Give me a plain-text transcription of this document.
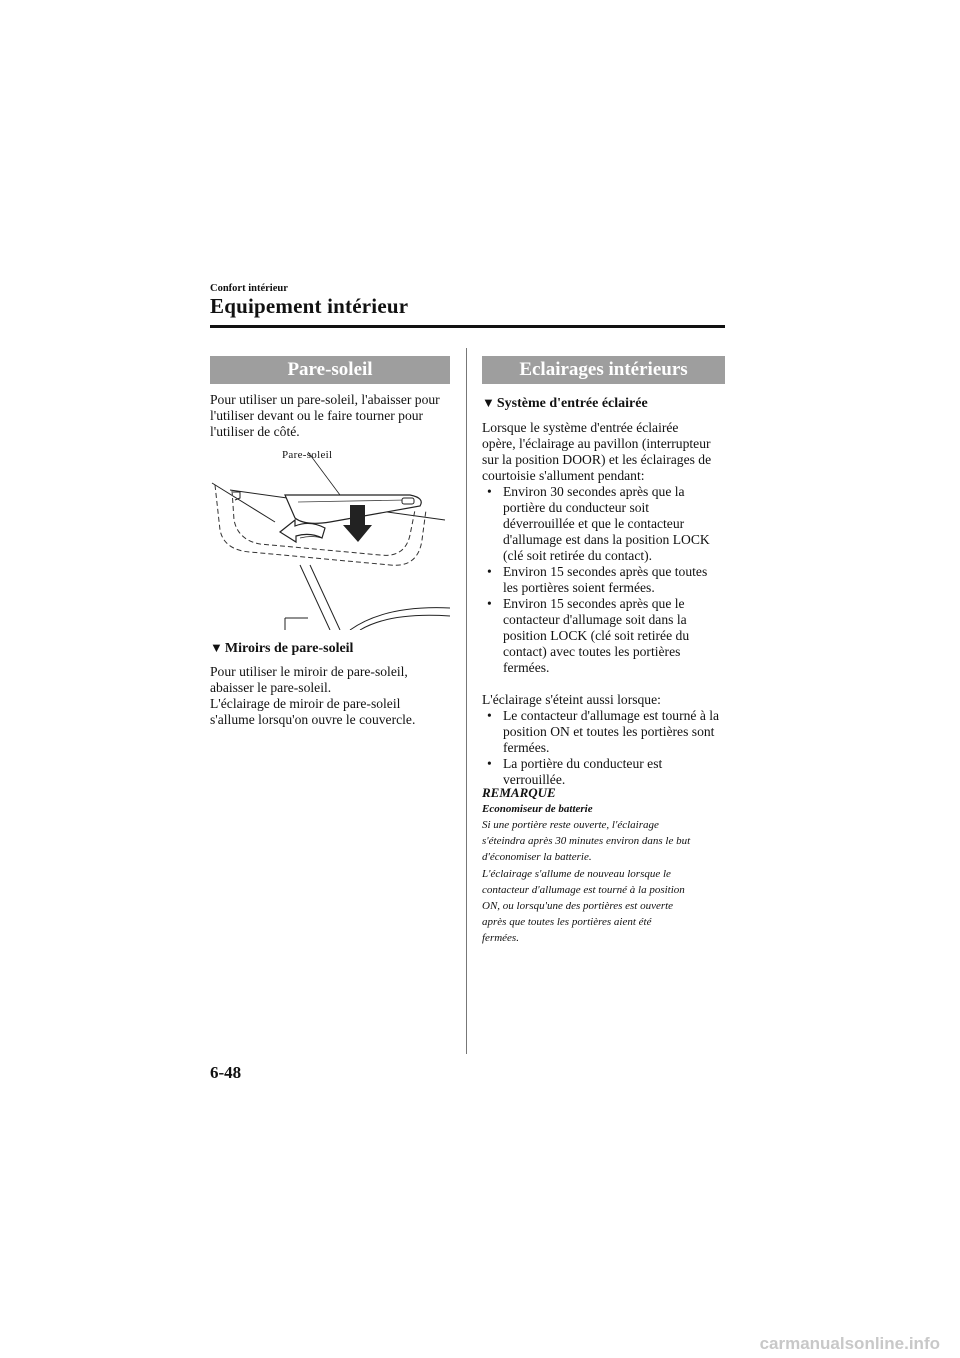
Confort intérieur
Equipement intérieur
Pare-soleil
Pour utiliser un pare-soleil, l'abaisser pour
l'utiliser devant ou le faire tourner pour
l'utiliser de côté.
Pare-soleil
▼ Miroirs de pare-soleil
Pour utiliser le miroir de pare-soleil,
abaisser le pare-soleil.
L'éclairage de miroir de pare-soleil
s'allume lorsqu'on ouvre le couvercle.
Eclairages intérieurs
▼ Système d'entrée éclairée
Lorsque le système d'entrée éclairée
opère, l'éclairage au pavillon (interrupteur
sur la position DOOR) et les éclairages de
courtoisie s'allument pendant:
• Environ 30 secondes après que la
portière du conducteur soit
déverrouillée et que le contacteur
d'allumage est dans la position LOCK
(clé soit retirée du contact).
• Environ 15 secondes après que toutes
les portières soient fermées.
• Environ 15 secondes après que le
contacteur d'allumage soit dans la
position LOCK (clé soit retirée du
contact) avec toutes les portières
fermées.
L'éclairage s'éteint aussi lorsque:
• Le contacteur d'allumage est tourné à la
position ON et toutes les portières sont
fermées.
• La portière du conducteur est
verrouillée.
REMARQUE
Economiseur de batterie
Si une portière reste ouverte, l'éclairage
s'éteindra après 30 minutes environ dans le but
d'économiser la batterie.
L'éclairage s'allume de nouveau lorsque le
contacteur d'allumage est tourné à la position
ON, ou lorsqu'une des portières est ouverte
après que toutes les portières aient été
fermées.
6-48
carmanualsonline.info
